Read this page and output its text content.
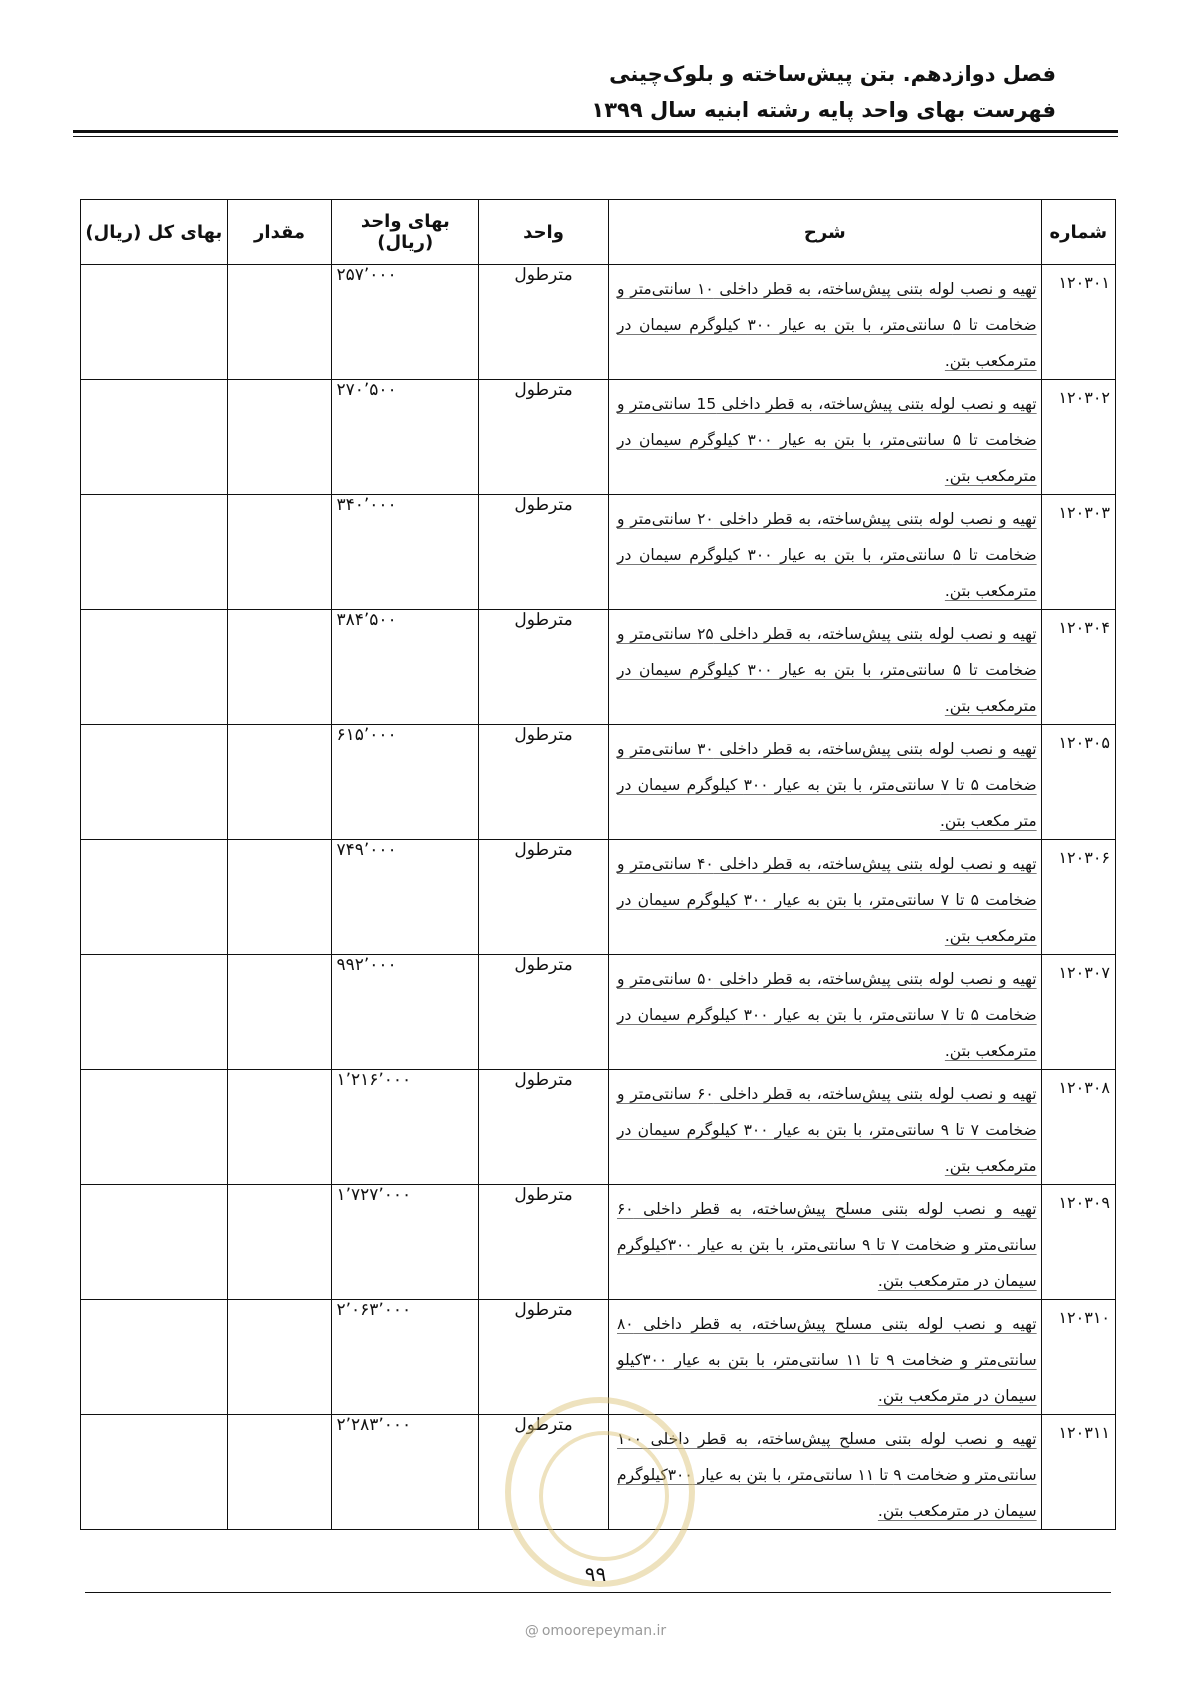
فصل دوازدهم. بتن پیش‌ساخته و بلوک‌چینی
فهرست بهای واحد پایه رشته ابنیه سال ۱۳۹۹
شماره	شرح	واحد	بهای واحد (ریال)	مقدار	بهای کل (ریال)
۱۲۰۳۰۱	تهیه و نصب لوله بتنی پیش‌ساخته، به قطر داخلی ۱۰ سانتی‌متر و ضخامت تا ۵ سانتی‌متر، با بتن به عیار ۳۰۰ کیلوگرم سیمان در مترمکعب بتن.	مترطول	۲۵۷٬۰۰۰		
۱۲۰۳۰۲	تهیه و نصب لوله بتنی پیش‌ساخته، به قطر داخلی 15 سانتی‌متر و ضخامت تا ۵ سانتی‌متر، با بتن به عیار ۳۰۰ کیلوگرم سیمان در مترمکعب بتن.	مترطول	۲۷۰٬۵۰۰		
۱۲۰۳۰۳	تهیه و نصب لوله بتنی پیش‌ساخته، به قطر داخلی ۲۰ سانتی‌متر و ضخامت تا ۵ سانتی‌متر، با بتن به عیار ۳۰۰ کیلوگرم سیمان در مترمکعب بتن.	مترطول	۳۴۰٬۰۰۰		
۱۲۰۳۰۴	تهیه و نصب لوله بتنی پیش‌ساخته، به قطر داخلی ۲۵ سانتی‌متر و ضخامت تا ۵ سانتی‌متر، با بتن به عیار ۳۰۰ کیلوگرم سیمان در مترمکعب بتن.	مترطول	۳۸۴٬۵۰۰		
۱۲۰۳۰۵	تهیه و نصب لوله بتنی پیش‌ساخته، به قطر داخلی ۳۰ سانتی‌متر و ضخامت ۵ تا ۷ سانتی‌متر، با بتن به عیار ۳۰۰ کیلوگرم سیمان در متر مکعب بتن.	مترطول	۶۱۵٬۰۰۰		
۱۲۰۳۰۶	تهیه و نصب لوله بتنی پیش‌ساخته، به قطر داخلی ۴۰ سانتی‌متر و ضخامت ۵ تا ۷ سانتی‌متر، با بتن به عیار ۳۰۰ کیلوگرم سیمان در مترمکعب بتن.	مترطول	۷۴۹٬۰۰۰		
۱۲۰۳۰۷	تهیه و نصب لوله بتنی پیش‌ساخته، به قطر داخلی ۵۰ سانتی‌متر و ضخامت ۵ تا ۷ سانتی‌متر، با بتن به عیار ۳۰۰ کیلوگرم سیمان در مترمکعب بتن.	مترطول	۹۹۲٬۰۰۰		
۱۲۰۳۰۸	تهیه و نصب لوله بتنی پیش‌ساخته، به قطر داخلی ۶۰ سانتی‌متر و ضخامت ۷ تا ۹ سانتی‌متر، با بتن به عیار ۳۰۰ کیلوگرم سیمان در مترمکعب بتن.	مترطول	۱٬۲۱۶٬۰۰۰		
۱۲۰۳۰۹	تهیه و نصب لوله بتنی مسلح پیش‌ساخته، به قطر داخلی ۶۰ سانتی‌متر و ضخامت ۷ تا ۹ سانتی‌متر، با بتن به عیار ۳۰۰کیلوگرم سیمان در مترمکعب بتن.	مترطول	۱٬۷۲۷٬۰۰۰		
۱۲۰۳۱۰	تهیه و نصب لوله بتنی مسلح پیش‌ساخته، به قطر داخلی ۸۰ سانتی‌متر و ضخامت ۹ تا ۱۱ سانتی‌متر، با بتن به عیار ۳۰۰کیلو سیمان در مترمکعب بتن.	مترطول	۲٬۰۶۳٬۰۰۰		
۱۲۰۳۱۱	تهیه و نصب لوله بتنی مسلح پیش‌ساخته، به قطر داخلی ۱۰۰ سانتی‌متر و ضخامت ۹ تا ۱۱ سانتی‌متر، با بتن به عیار ۳۰۰کیلوگرم سیمان در مترمکعب بتن.	مترطول	۲٬۲۸۳٬۰۰۰		
۹۹
@ omoorepeyman.ir
